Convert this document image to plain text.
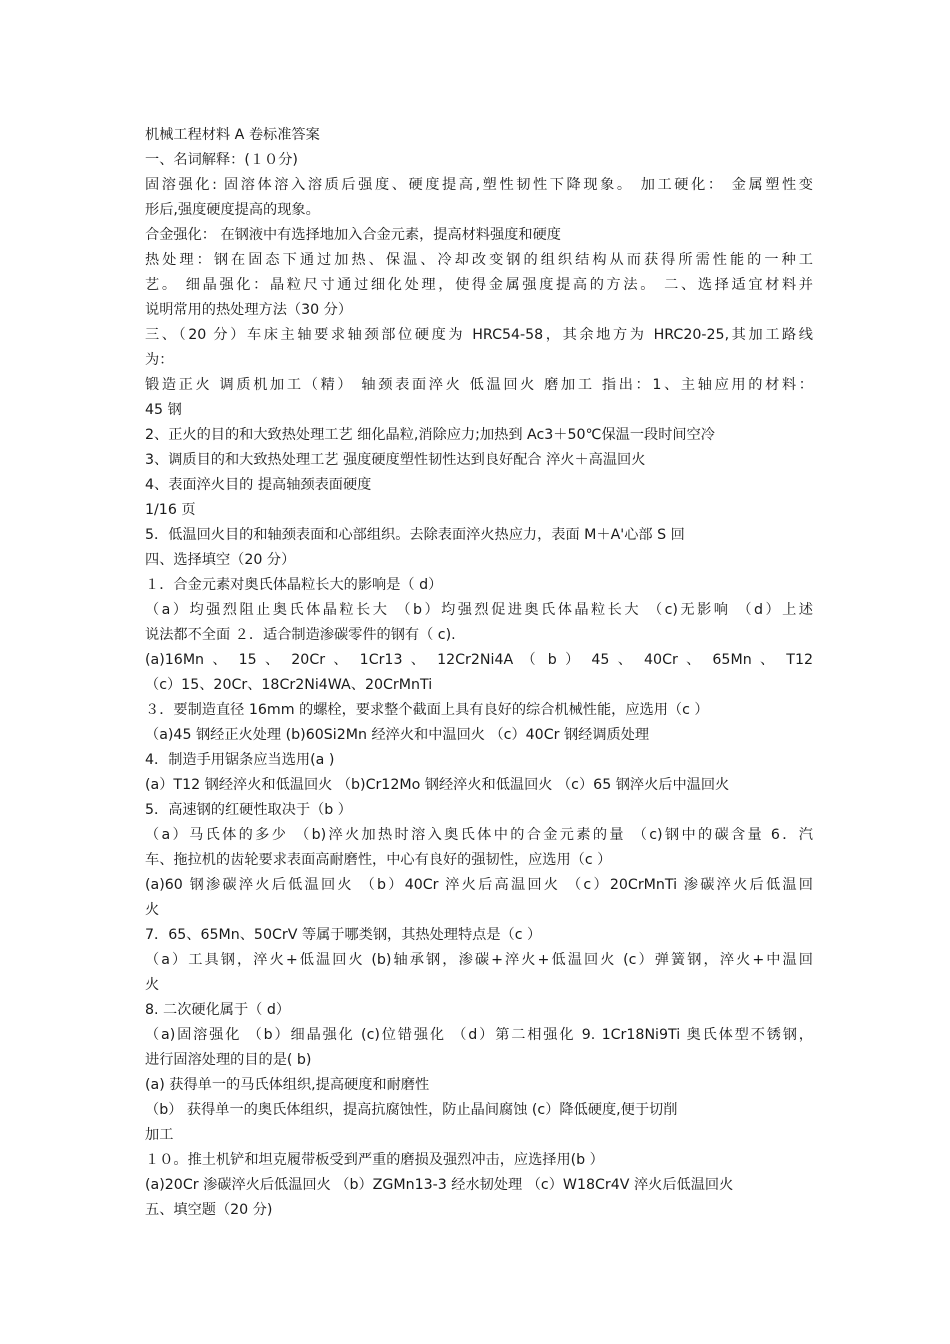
机械工程材料 A 卷标准答案
一、名词解释：(１０分)
固溶强化: 固溶体溶入溶质后强度、硬度提高,塑性韧性下降现象。 加工硬化： 金属塑性变
形后,强度硬度提高的现象。
合金强化： 在钢液中有选择地加入合金元素，提高材料强度和硬度
热处理：钢在固态下通过加热、保温、冷却改变钢的组织结构从而获得所需性能的一种工
艺。 细晶强化：晶粒尺寸通过细化处理，使得金属强度提高的方法。 二、选择适宜材料并
说明常用的热处理方法（30 分）
三、（20 分）车床主轴要求轴颈部位硬度为 HRC54-58，其余地方为 HRC20-25,其加工路线
为：
锻造正火 调质机加工（精） 轴颈表面淬火 低温回火 磨加工 指出：1、主轴应用的材料：
45 钢
2、正火的目的和大致热处理工艺 细化晶粒,消除应力;加热到 Ac3＋50℃保温一段时间空冷
3、调质目的和大致热处理工艺 强度硬度塑性韧性达到良好配合 淬火＋高温回火
4、表面淬火目的 提高轴颈表面硬度
1/16 页
5．低温回火目的和轴颈表面和心部组织。去除表面淬火热应力，表面 M＋A'心部 S 回
四、选择填空（20 分）
１．合金元素对奥氏体晶粒长大的影响是（ d）
（a）均强烈阻止奥氏体晶粒长大 （b）均强烈促进奥氏体晶粒长大 （c)无影响 （d）上述
说法都不全面 ２．适合制造渗碳零件的钢有（ c).
(a)16Mn 、 15 、 20Cr 、 1Cr13 、 12Cr2Ni4A （ b ） 45 、 40Cr 、 65Mn 、 T12
（c）15、20Cr、18Cr2Ni4WA、20CrMnTi
３．要制造直径 16mm 的螺栓，要求整个截面上具有良好的综合机械性能，应选用（c ）
（a)45 钢经正火处理 (b)60Si2Mn 经淬火和中温回火 （c）40Cr 钢经调质处理
4．制造手用锯条应当选用(a )
(a）T12 钢经淬火和低温回火 （b)Cr12Mo 钢经淬火和低温回火 （c）65 钢淬火后中温回火
5．高速钢的红硬性取决于（b ）
（a）马氏体的多少 （b)淬火加热时溶入奥氏体中的合金元素的量 （c)钢中的碳含量 6．汽
车、拖拉机的齿轮要求表面高耐磨性，中心有良好的强韧性，应选用（c ）
(a)60 钢渗碳淬火后低温回火 （b）40Cr 淬火后高温回火 （c）20CrMnTi 渗碳淬火后低温回
火
7．65、65Mn、50CrV 等属于哪类钢，其热处理特点是（c ）
（a）工具钢，淬火+低温回火 (b)轴承钢，渗碳+淬火+低温回火 (c）弹簧钢，淬火+中温回
火
8. 二次硬化属于（ d）
（a)固溶强化 （b）细晶强化 (c)位错强化 （d）第二相强化 9. 1Cr18Ni9Ti 奥氏体型不锈钢，
进行固溶处理的目的是( b)
(a) 获得单一的马氏体组织,提高硬度和耐磨性
（b） 获得单一的奥氏体组织，提高抗腐蚀性，防止晶间腐蚀 (c）降低硬度,便于切削
加工
１０。推土机铲和坦克履带板受到严重的磨损及强烈冲击，应选择用(b ）
(a)20Cr 渗碳淬火后低温回火 （b）ZGMn13-3 经水韧处理 （c）W18Cr4V 淬火后低温回火
五、填空题（20 分)
